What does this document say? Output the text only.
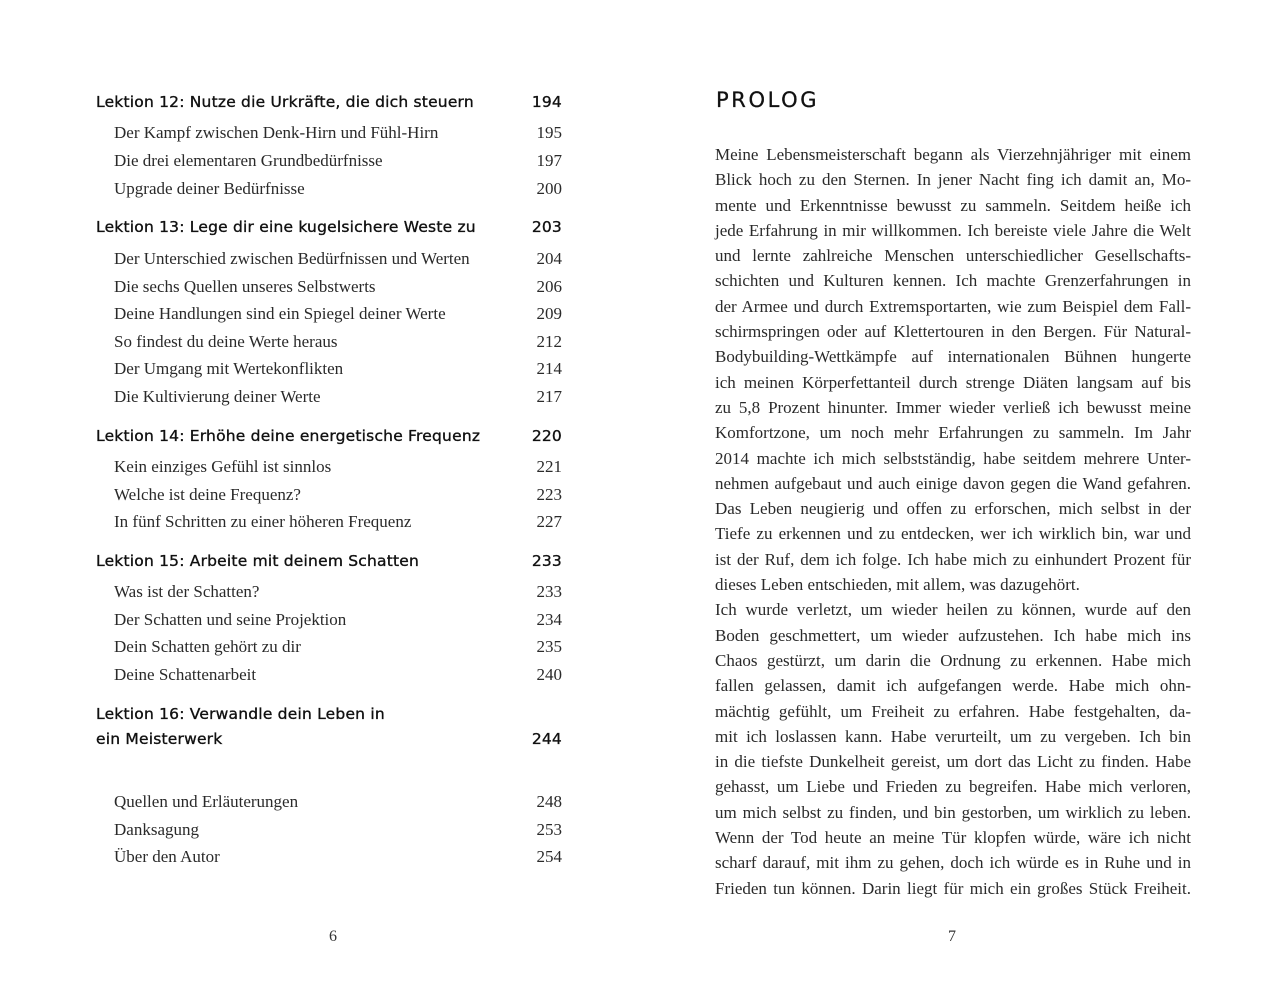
Lektion 12: Nutze die Urkräfte, die dich steuern	194
Der Kampf zwischen Denk-Hirn und Fühl-Hirn	195
Die drei elementaren Grundbedürfnisse	197
Upgrade deiner Bedürfnisse	200
Lektion 13: Lege dir eine kugelsichere Weste zu	203
Der Unterschied zwischen Bedürfnissen und Werten	204
Die sechs Quellen unseres Selbstwerts	206
Deine Handlungen sind ein Spiegel deiner Werte	209
So findest du deine Werte heraus	212
Der Umgang mit Wertekonflikten	214
Die Kultivierung deiner Werte	217
Lektion 14: Erhöhe deine energetische Frequenz	220
Kein einziges Gefühl ist sinnlos	221
Welche ist deine Frequenz?	223
In fünf Schritten zu einer höheren Frequenz	227
Lektion 15: Arbeite mit deinem Schatten	233
Was ist der Schatten?	233
Der Schatten und seine Projektion	234
Dein Schatten gehört zu dir	235
Deine Schattenarbeit	240
Lektion 16: Verwandle dein Leben in
ein Meisterwerk	244
Quellen und Erläuterungen	248
Danksagung	253
Über den Autor	254
6
PROLOG
Meine Lebensmeisterschaft begann als Vierzehnjähriger mit einem
Blick hoch zu den Sternen. In jener Nacht fing ich damit an, Mo-
mente und Erkenntnisse bewusst zu sammeln. Seitdem heiße ich
jede Erfahrung in mir willkommen. Ich bereiste viele Jahre die Welt
und lernte zahlreiche Menschen unterschiedlicher Gesellschafts-
schichten und Kulturen kennen. Ich machte Grenzerfahrungen in
der Armee und durch Extremsportarten, wie zum Beispiel dem Fall-
schirmspringen oder auf Klettertouren in den Bergen. Für Natural-
Bodybuilding-Wettkämpfe auf internationalen Bühnen hungerte
ich meinen Körperfettanteil durch strenge Diäten langsam auf bis
zu 5,8 Prozent hinunter. Immer wieder verließ ich bewusst meine
Komfortzone, um noch mehr Erfahrungen zu sammeln. Im Jahr
2014 machte ich mich selbstständig, habe seitdem mehrere Unter-
nehmen aufgebaut und auch einige davon gegen die Wand gefahren.
Das Leben neugierig und offen zu erforschen, mich selbst in der
Tiefe zu erkennen und zu entdecken, wer ich wirklich bin, war und
ist der Ruf, dem ich folge. Ich habe mich zu einhundert Prozent für
dieses Leben entschieden, mit allem, was dazugehört.
Ich wurde verletzt, um wieder heilen zu können, wurde auf den
Boden geschmettert, um wieder aufzustehen. Ich habe mich ins
Chaos gestürzt, um darin die Ordnung zu erkennen. Habe mich
fallen gelassen, damit ich aufgefangen werde. Habe mich ohn-
mächtig gefühlt, um Freiheit zu erfahren. Habe festgehalten, da-
mit ich loslassen kann. Habe verurteilt, um zu vergeben. Ich bin
in die tiefste Dunkelheit gereist, um dort das Licht zu finden. Habe
gehasst, um Liebe und Frieden zu begreifen. Habe mich verloren,
um mich selbst zu finden, und bin gestorben, um wirklich zu leben.
Wenn der Tod heute an meine Tür klopfen würde, wäre ich nicht
scharf darauf, mit ihm zu gehen, doch ich würde es in Ruhe und in
Frieden tun können. Darin liegt für mich ein großes Stück Freiheit.
7
